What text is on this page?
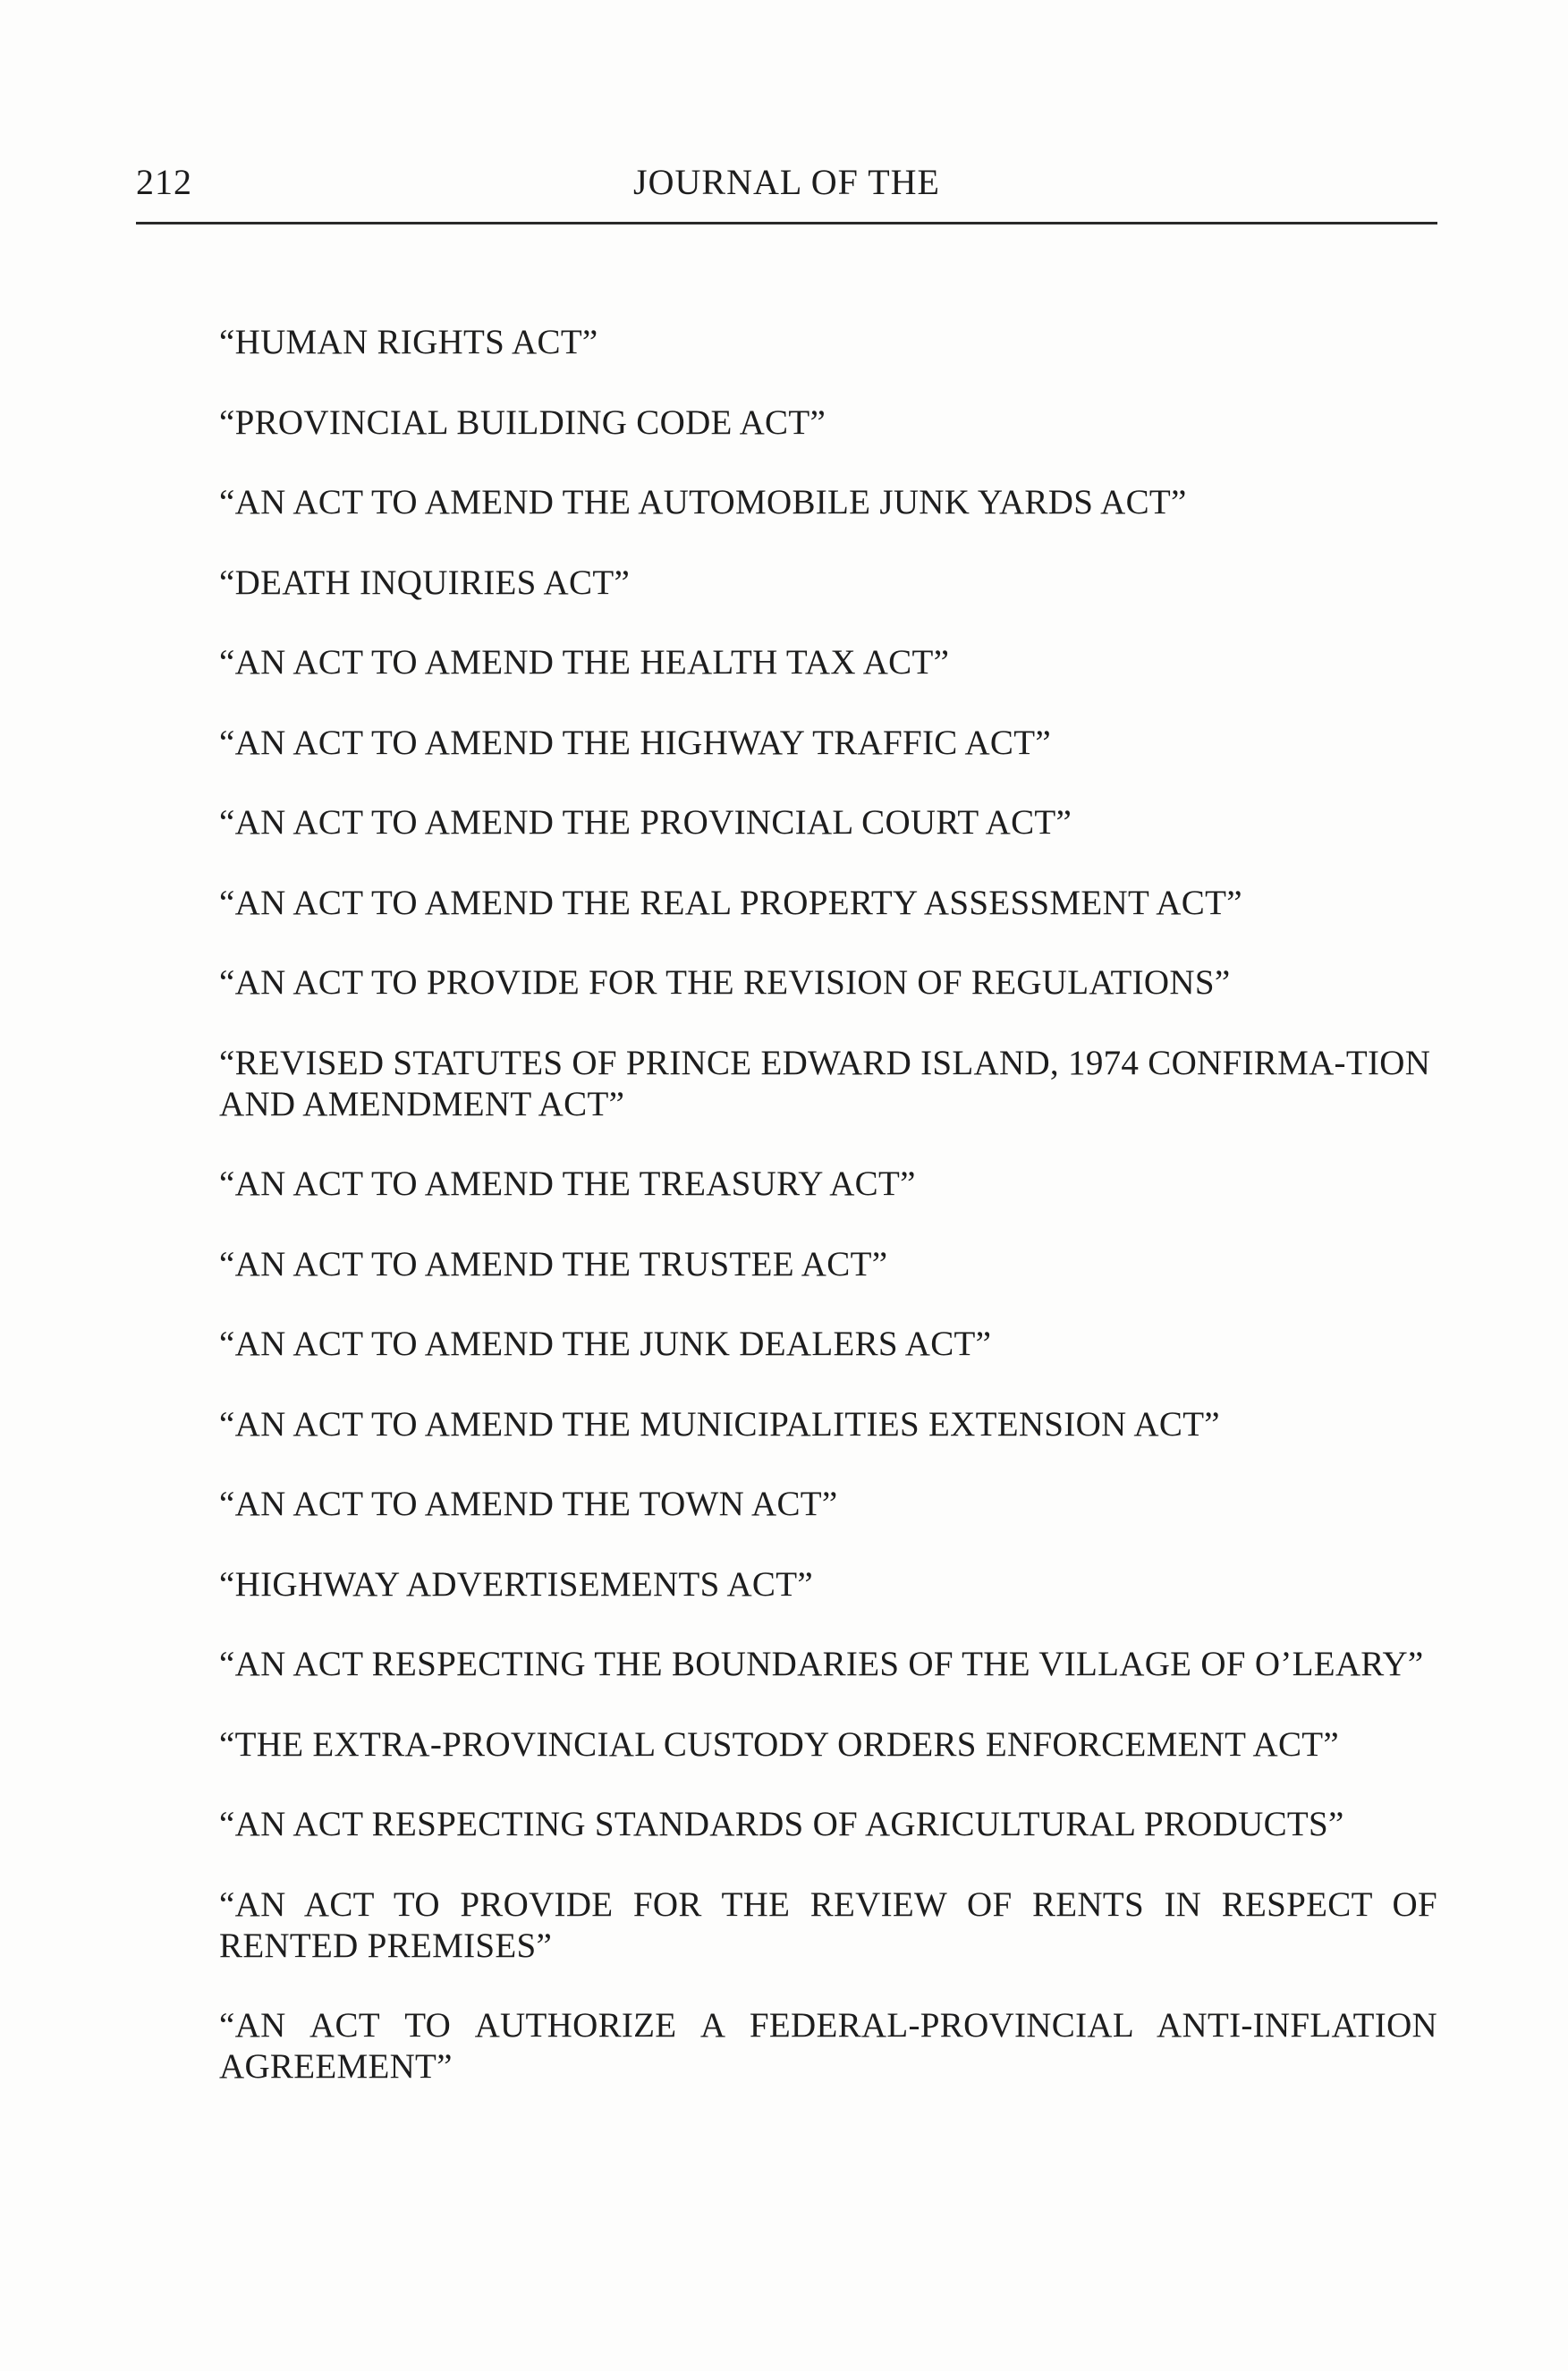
212	JOURNAL OF THE
“HUMAN RIGHTS ACT”
“PROVINCIAL BUILDING CODE ACT”
“AN ACT TO AMEND THE AUTOMOBILE JUNK YARDS ACT”
“DEATH INQUIRIES ACT”
“AN ACT TO AMEND THE HEALTH TAX ACT”
“AN ACT TO AMEND THE HIGHWAY TRAFFIC ACT”
“AN ACT TO AMEND THE PROVINCIAL COURT ACT”
“AN ACT TO AMEND THE REAL PROPERTY ASSESSMENT ACT”
“AN ACT TO PROVIDE FOR THE REVISION OF REGULATIONS”
“REVISED STATUTES OF PRINCE EDWARD ISLAND, 1974 CONFIRMA-TION AND AMENDMENT ACT”
“AN ACT TO AMEND THE TREASURY ACT”
“AN ACT TO AMEND THE TRUSTEE ACT”
“AN ACT TO AMEND THE JUNK DEALERS ACT”
“AN ACT TO AMEND THE MUNICIPALITIES EXTENSION ACT”
“AN ACT TO AMEND THE TOWN ACT”
“HIGHWAY ADVERTISEMENTS ACT”
“AN ACT RESPECTING THE BOUNDARIES OF THE VILLAGE OF O’LEARY”
“THE EXTRA-PROVINCIAL CUSTODY ORDERS ENFORCEMENT ACT”
“AN ACT RESPECTING STANDARDS OF AGRICULTURAL PRODUCTS”
“AN ACT TO PROVIDE FOR THE REVIEW OF RENTS IN RESPECT OF RENTED PREMISES”
“AN ACT TO AUTHORIZE A FEDERAL-PROVINCIAL ANTI-INFLATION AGREEMENT”
